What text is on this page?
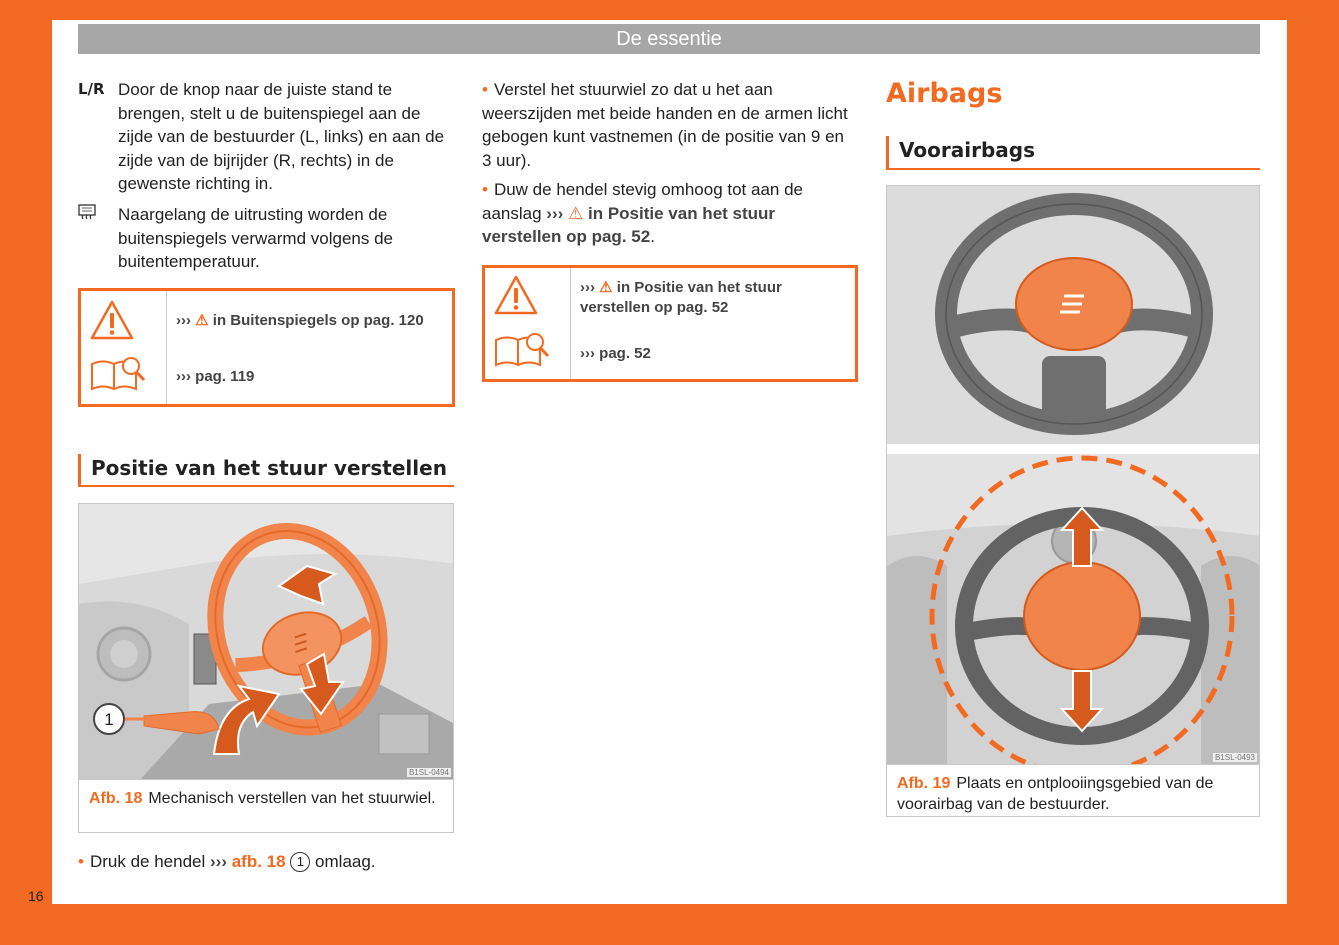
De essentie
L/R Door de knop naar de juiste stand te brengen, stelt u de buitenspiegel aan de zijde van de bestuurder (L, links) en aan de zijde van de bijrijder (R, rechts) in de gewenste richting in.
Naargelang de uitrusting worden de buitenspiegels verwarmd volgens de buitentemperatuur.
››› ⚠ in Buitenspiegels op pag. 120
››› pag. 119
Positie van het stuur verstellen
1
B1SL-0494
Afb. 18 Mechanisch verstellen van het stuurwiel.
• Druk de hendel ››› afb. 18 1 omlaag.

• Verstel het stuurwiel zo dat u het aan weerszijden met beide handen en de armen licht gebogen kunt vastnemen (in de positie van 9 en 3 uur).

• Duw de hendel stevig omhoog tot aan de aanslag ››› ⚠ in Positie van het stuur verstellen op pag. 52.

››› ⚠ in Positie van het stuur verstellen op pag. 52
››› pag. 52
Airbags
Voorairbags
B1SL-0493
Afb. 19 Plaats en ontplooiingsgebied van de voorairbag van de bestuurder.
16
